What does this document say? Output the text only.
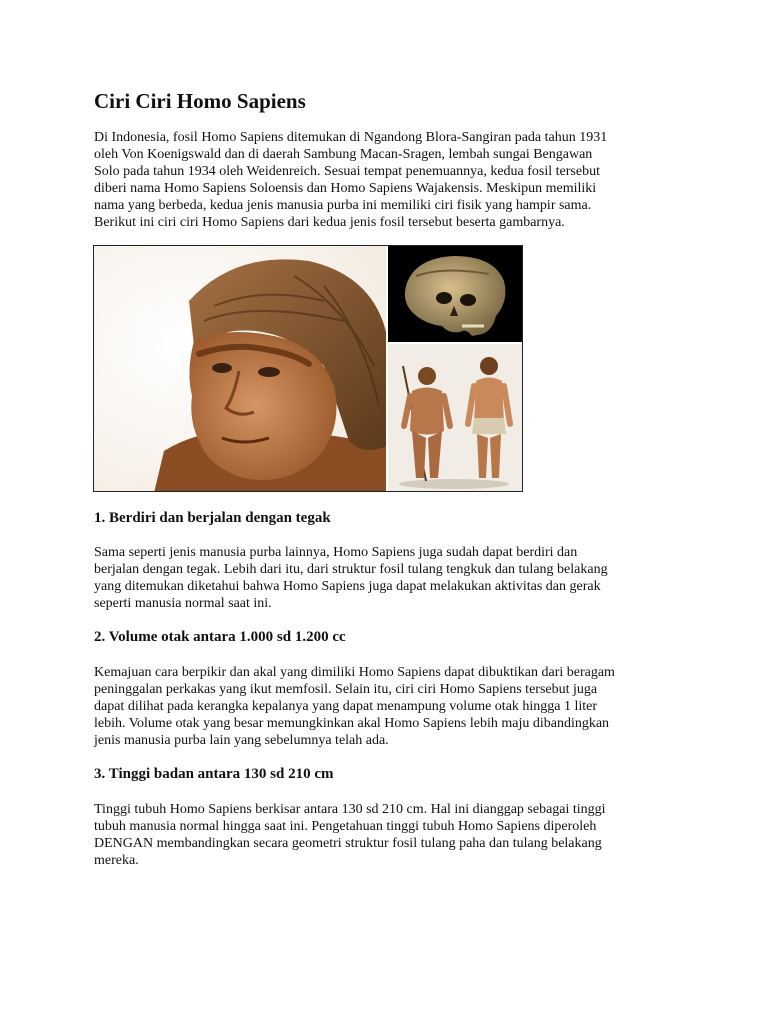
Ciri Ciri Homo Sapiens
Di Indonesia, fosil Homo Sapiens ditemukan di Ngandong Blora-Sangiran pada tahun 1931
oleh Von Koenigswald dan di daerah Sambung Macan-Sragen, lembah sungai Bengawan
Solo pada tahun 1934 oleh Weidenreich. Sesuai tempat penemuannya, kedua fosil tersebut
diberi nama Homo Sapiens Soloensis dan Homo Sapiens Wajakensis. Meskipun memiliki
nama yang berbeda, kedua jenis manusia purba ini memiliki ciri fisik yang hampir sama.
Berikut ini ciri ciri Homo Sapiens dari kedua jenis fosil tersebut beserta gambarnya.
1. Berdiri dan berjalan dengan tegak
Sama seperti jenis manusia purba lainnya, Homo Sapiens juga sudah dapat berdiri dan
berjalan dengan tegak. Lebih dari itu, dari struktur fosil tulang tengkuk dan tulang belakang
yang ditemukan diketahui bahwa Homo Sapiens juga dapat melakukan aktivitas dan gerak
seperti manusia normal saat ini.
2. Volume otak antara 1.000 sd 1.200 cc
Kemajuan cara berpikir dan akal yang dimiliki Homo Sapiens dapat dibuktikan dari beragam
peninggalan perkakas yang ikut memfosil. Selain itu, ciri ciri Homo Sapiens tersebut juga
dapat dilihat pada kerangka kepalanya yang dapat menampung volume otak hingga 1 liter
lebih. Volume otak yang besar memungkinkan akal Homo Sapiens lebih maju dibandingkan
jenis manusia purba lain yang sebelumnya telah ada.
3. Tinggi badan antara 130 sd 210 cm
Tinggi tubuh Homo Sapiens berkisar antara 130 sd 210 cm. Hal ini dianggap sebagai tinggi
tubuh manusia normal hingga saat ini. Pengetahuan tinggi tubuh Homo Sapiens diperoleh
DENGAN membandingkan secara geometri struktur fosil tulang paha dan tulang belakang
mereka.
